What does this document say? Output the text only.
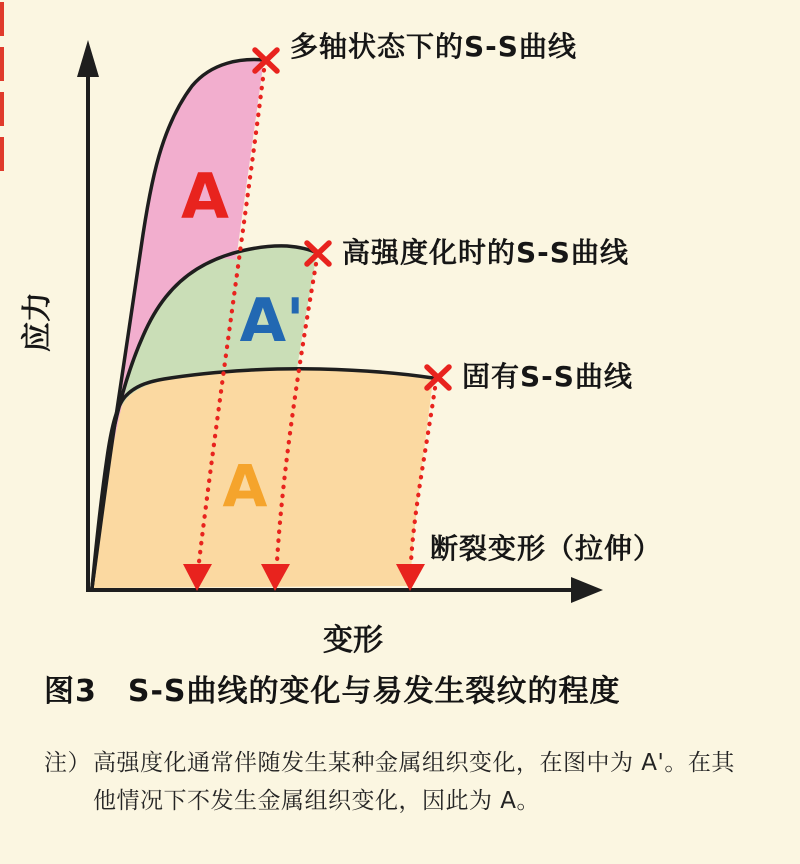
多轴状态下的S-S曲线
高强度化时的S-S曲线
固有S-S曲线
断裂变形（拉伸）
A
A'
A
应力
变形
图3　S-S曲线的变化与易发生裂纹的程度
注） 高强度化通常伴随发生某种金属组织变化，在图中为 A'。在其
他情况下不发生金属组织变化，因此为 A。
